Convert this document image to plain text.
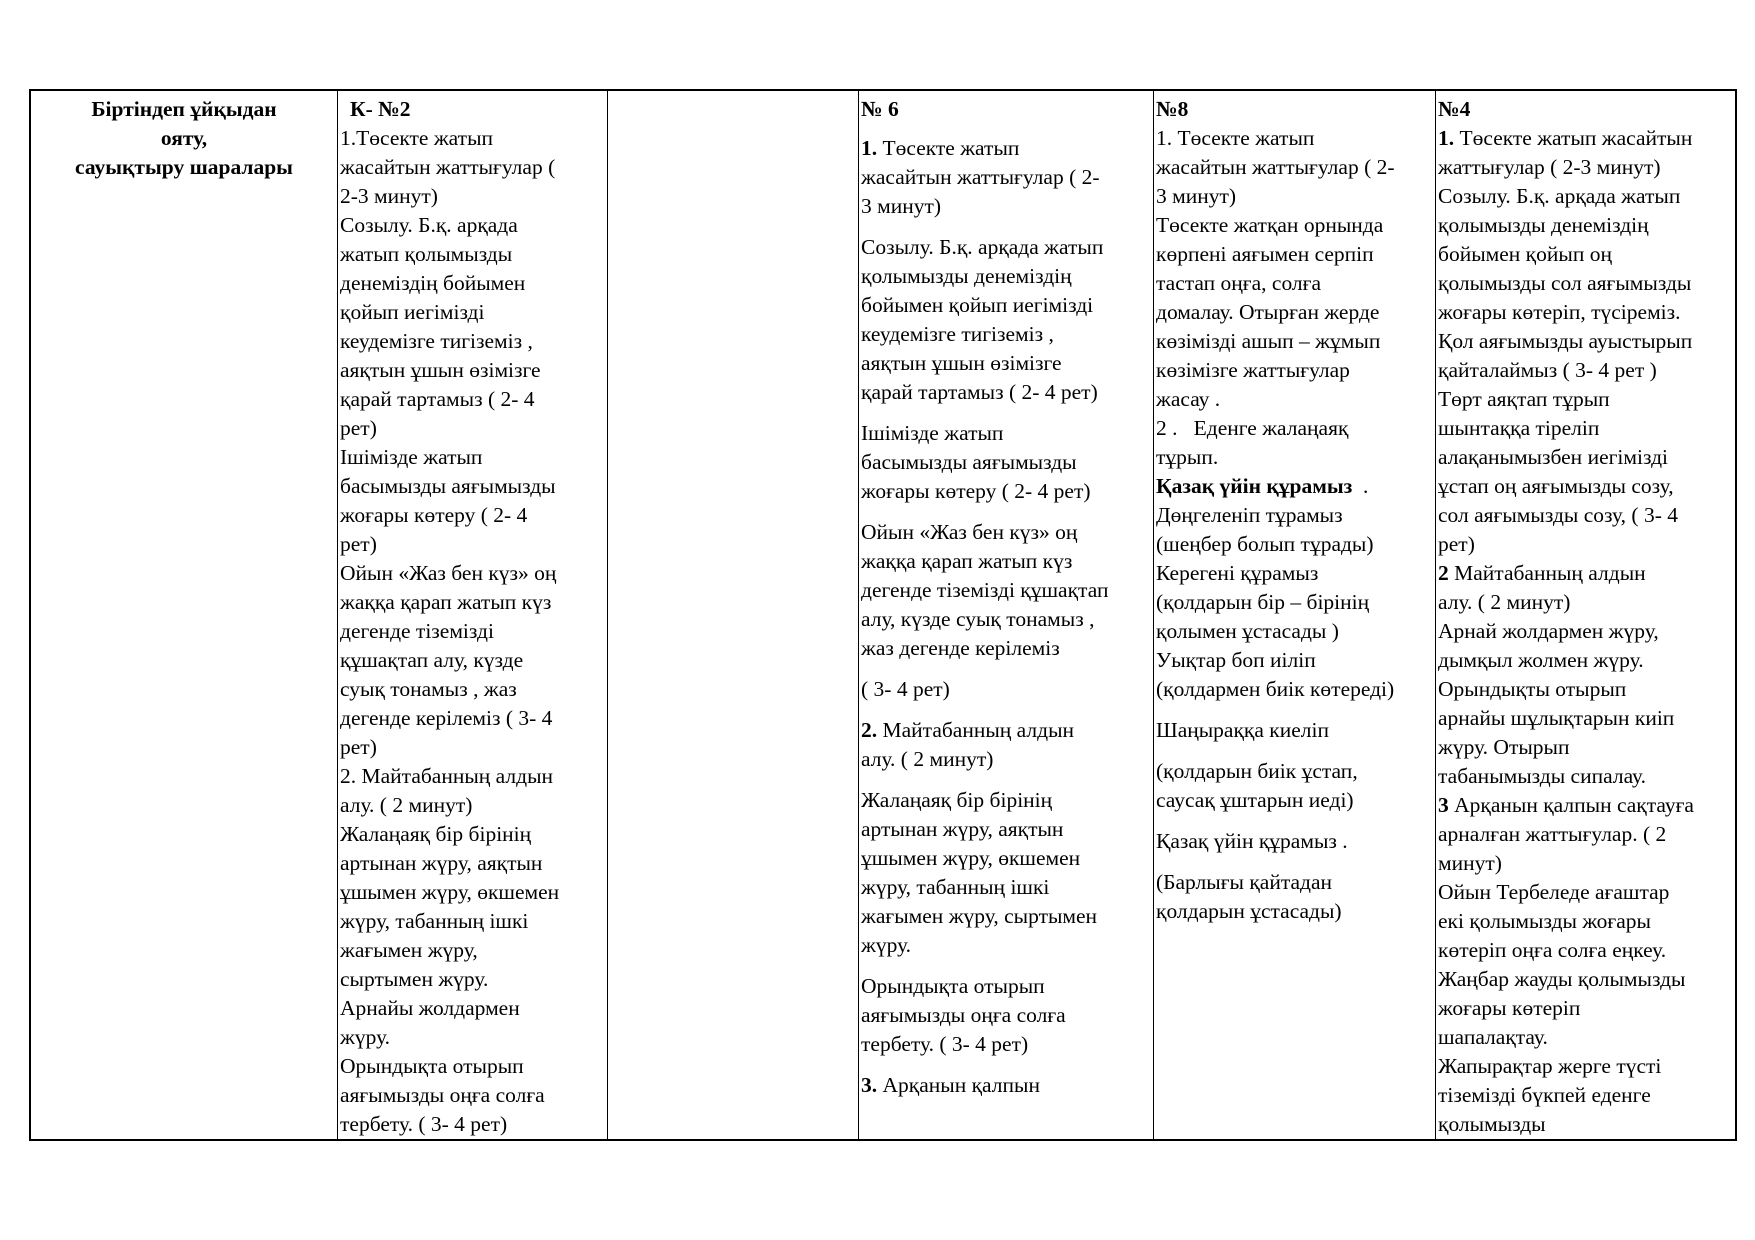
Біртіндеп ұйқыдан
ояту,
сауықтыру шаралары
К- №2
1.Төсекте жатып
жасайтын жаттығулар (
2-3 минут)
Созылу. Б.қ. арқада
жатып қолымызды
денеміздің бойымен
қойып иегімізді
кеудемізге тигіземіз ,
аяқтын ұшын өзімізге
қарай тартамыз ( 2- 4
рет)
Ішімізде жатып
басымызды аяғымызды
жоғары көтеру ( 2- 4
рет)
Ойын «Жаз бен күз» оң
жаққа қарап жатып күз
дегенде тіземізді
құшақтап алу, күзде
суық тонамыз , жаз
дегенде керілеміз ( 3- 4
рет)
2. Майтабанның алдын
алу. ( 2 минут)
Жалаңаяқ бір бірінің
артынан жүру, аяқтын
ұшымен жүру, өкшемен
жүру, табанның ішкі
жағымен жүру,
сыртымен жүру.
Арнайы жолдармен
жүру.
Орындықта отырып
аяғымызды оңға солға
тербету. ( 3- 4 рет)

№ 6

1. Төсекте жатып
жасайтын жаттығулар ( 2-
3 минут)

Созылу. Б.қ. арқада жатып
қолымызды денеміздің
бойымен қойып иегімізді
кеудемізге тигіземіз ,
аяқтын ұшын өзімізге
қарай тартамыз ( 2- 4 рет)

Ішімізде жатып
басымызды аяғымызды
жоғары көтеру ( 2- 4 рет)

Ойын «Жаз бен күз» оң
жаққа қарап жатып күз
дегенде тіземізді құшақтап
алу, күзде суық тонамыз ,
жаз дегенде керілеміз

( 3- 4 рет)

2. Майтабанның алдын
алу. ( 2 минут)

Жалаңаяқ бір бірінің
артынан жүру, аяқтын
ұшымен жүру, өкшемен
жүру, табанның ішкі
жағымен жүру, сыртымен
жүру.

Орындықта отырып
аяғымызды оңға солға
тербету. ( 3- 4 рет)

3. Арқанын қалпын

№8
1. Төсекте жатып
жасайтын жаттығулар ( 2-
3 минут)
Төсекте жатқан орнында
көрпені аяғымен серпіп
тастап оңға, солға
домалау. Отырған жерде
көзімізді ашып – жұмып
көзімізге жаттығулар
жасау .
2 .   Еденге жалаңаяқ
тұрып.
Қазақ үйін құрамыз  .
Дөңгеленіп тұрамыз
(шеңбер болып тұрады)
Керегені құрамыз
(қолдарын бір – бірінің
қолымен ұстасады )
Уықтар боп иіліп
(қолдармен биік көтереді)
Шаңыраққа киеліп
(қолдарын биік ұстап,
саусақ ұштарын иеді)
Қазақ үйін құрамыз .
(Барлығы қайтадан
қолдарын ұстасады)
№4
1. Төсекте жатып жасайтын
жаттығулар ( 2-3 минут)
Созылу. Б.қ. арқада жатып
қолымызды денеміздің
бойымен қойып оң
қолымызды сол аяғымызды
жоғары көтеріп, түсіреміз.
Қол аяғымызды ауыстырып
қайталаймыз ( 3- 4 рет )
Төрт аяқтап тұрып
шынтаққа тіреліп
алақанымызбен иегімізді
ұстап оң аяғымызды созу,
сол аяғымызды созу, ( 3- 4
рет)
2 Майтабанның алдын
алу. ( 2 минут)
Арнай жолдармен жүру,
дымқыл жолмен жүру.
Орындықты отырып
арнайы шұлықтарын киіп
жүру. Отырып
табанымызды сипалау.
3 Арқанын қалпын сақтауға
арналған жаттығулар. ( 2
минут)
Ойын Тербеледе ағаштар
екі қолымызды жоғары
көтеріп оңға солға еңкеу.
Жаңбар жауды қолымызды
жоғары көтеріп
шапалақтау.
Жапырақтар жерге түсті
тіземізді бүкпей еденге
қолымызды
